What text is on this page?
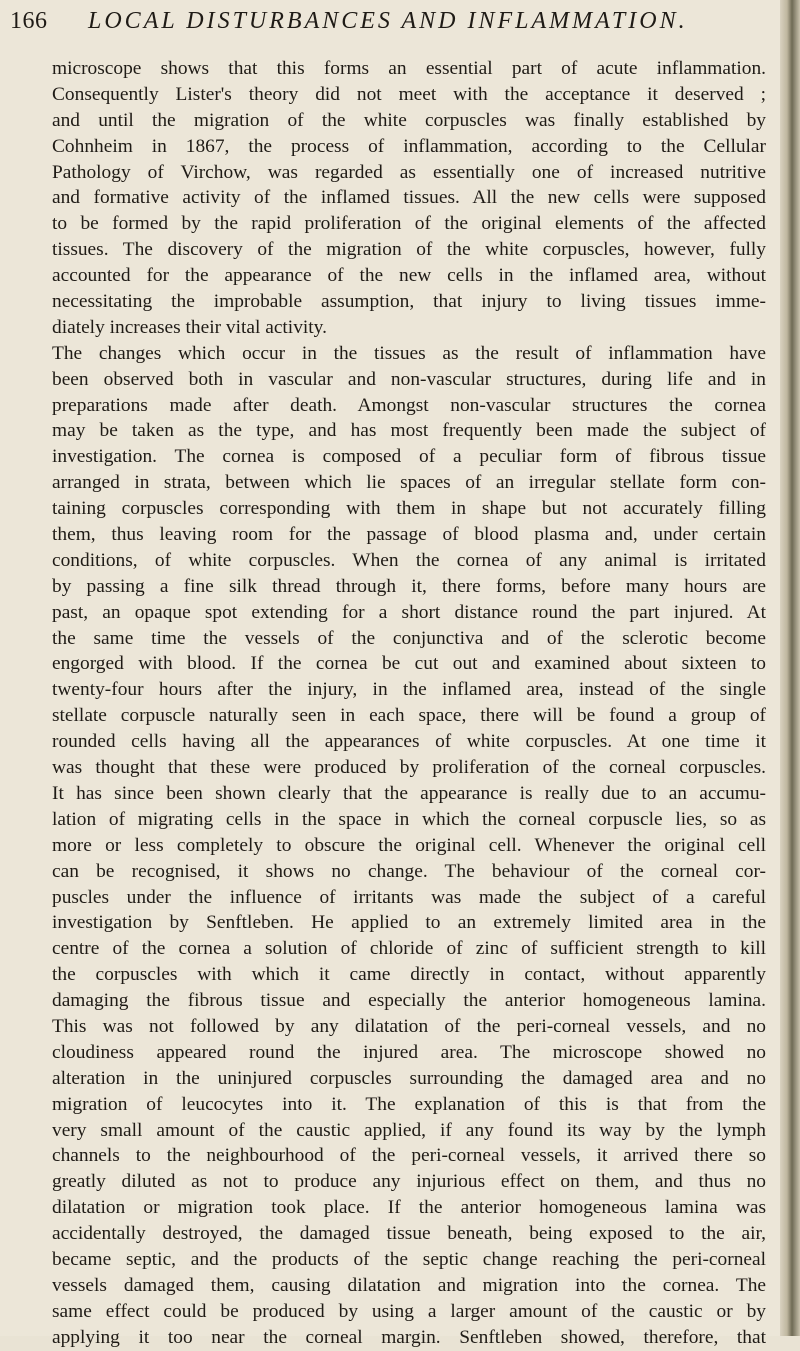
166 LOCAL DISTURBANCES AND INFLAMMATION.
microscope shows that this forms an essential part of acute inflammation.
Consequently Lister's theory did not meet with the acceptance it deserved ;
and until the migration of the white corpuscles was finally established by
Cohnheim in 1867, the process of inflammation, according to the Cellular
Pathology of Virchow, was regarded as essentially one of increased nutritive
and formative activity of the inflamed tissues. All the new cells were supposed
to be formed by the rapid proliferation of the original elements of the affected
tissues. The discovery of the migration of the white corpuscles, however, fully
accounted for the appearance of the new cells in the inflamed area, without
necessitating the improbable assumption, that injury to living tissues imme-
diately increases their vital activity.
The changes which occur in the tissues as the result of inflammation have
been observed both in vascular and non-vascular structures, during life and in
preparations made after death. Amongst non-vascular structures the cornea
may be taken as the type, and has most frequently been made the subject of
investigation. The cornea is composed of a peculiar form of fibrous tissue
arranged in strata, between which lie spaces of an irregular stellate form con-
taining corpuscles corresponding with them in shape but not accurately filling
them, thus leaving room for the passage of blood plasma and, under certain
conditions, of white corpuscles. When the cornea of any animal is irritated
by passing a fine silk thread through it, there forms, before many hours are
past, an opaque spot extending for a short distance round the part injured. At
the same time the vessels of the conjunctiva and of the sclerotic become
engorged with blood. If the cornea be cut out and examined about sixteen to
twenty-four hours after the injury, in the inflamed area, instead of the single
stellate corpuscle naturally seen in each space, there will be found a group of
rounded cells having all the appearances of white corpuscles. At one time it
was thought that these were produced by proliferation of the corneal corpuscles.
It has since been shown clearly that the appearance is really due to an accumu-
lation of migrating cells in the space in which the corneal corpuscle lies, so as
more or less completely to obscure the original cell. Whenever the original cell
can be recognised, it shows no change. The behaviour of the corneal cor-
puscles under the influence of irritants was made the subject of a careful
investigation by Senftleben. He applied to an extremely limited area in the
centre of the cornea a solution of chloride of zinc of sufficient strength to kill
the corpuscles with which it came directly in contact, without apparently
damaging the fibrous tissue and especially the anterior homogeneous lamina.
This was not followed by any dilatation of the peri-corneal vessels, and no
cloudiness appeared round the injured area. The microscope showed no
alteration in the uninjured corpuscles surrounding the damaged area and no
migration of leucocytes into it. The explanation of this is that from the
very small amount of the caustic applied, if any found its way by the lymph
channels to the neighbourhood of the peri-corneal vessels, it arrived there so
greatly diluted as not to produce any injurious effect on them, and thus no
dilatation or migration took place. If the anterior homogeneous lamina was
accidentally destroyed, the damaged tissue beneath, being exposed to the air,
became septic, and the products of the septic change reaching the peri-corneal
vessels damaged them, causing dilatation and migration into the cornea. The
same effect could be produced by using a larger amount of the caustic or by
applying it too near the corneal margin. Senftleben showed, therefore, that
